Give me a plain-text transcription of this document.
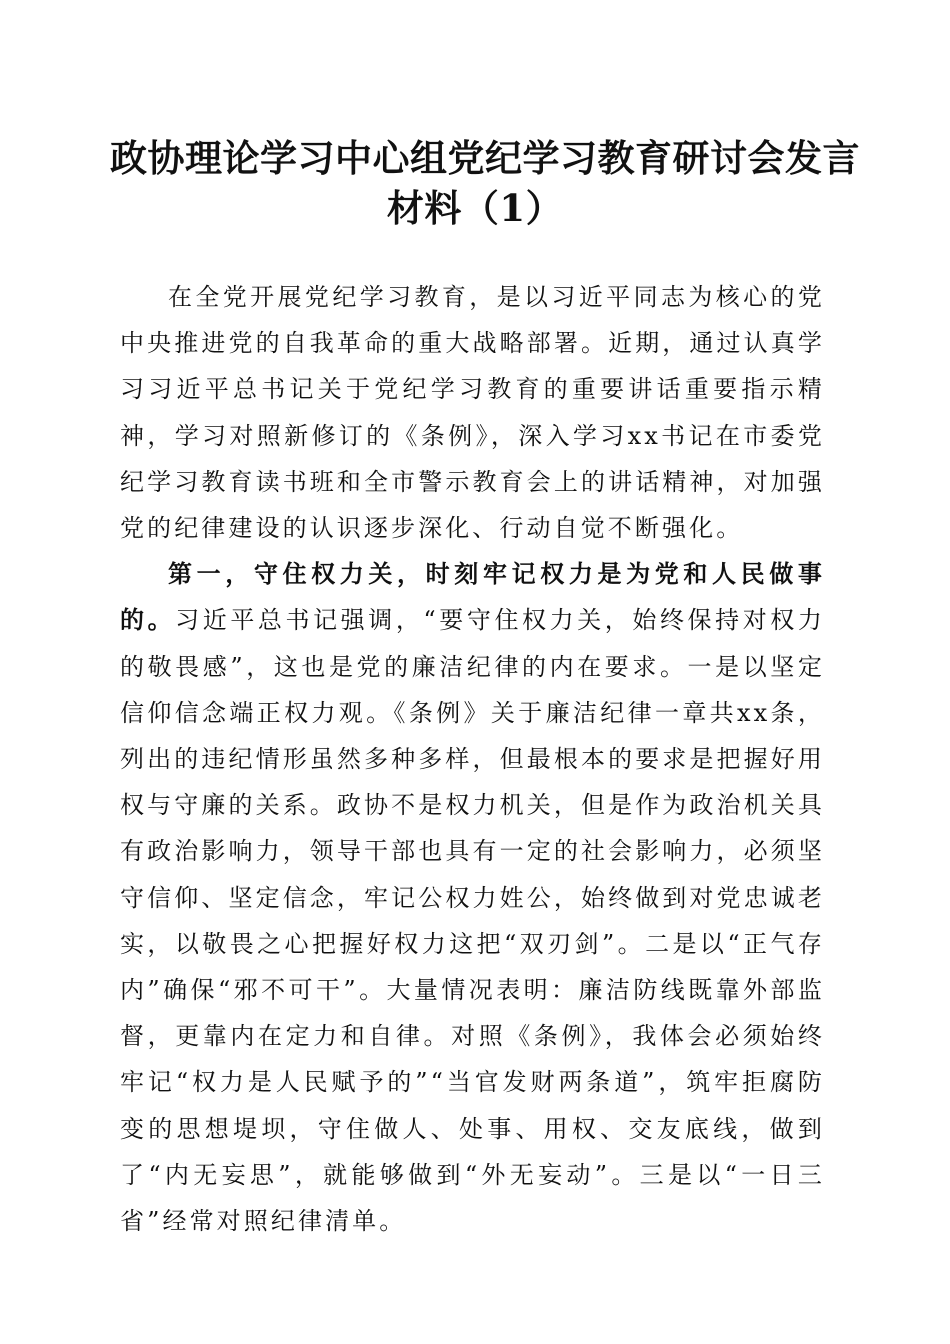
政协理论学习中心组党纪学习教育研讨会发言
材料（1）

在全党开展党纪学习教育，是以习近平同志为核心的党中央推进党的自我革命的重大战略部署。近期，通过认真学习习近平总书记关于党纪学习教育的重要讲话重要指示精神，学习对照新修订的《条例》，深入学习xx书记在市委党纪学习教育读书班和全市警示教育会上的讲话精神，对加强党的纪律建设的认识逐步深化、行动自觉不断强化。

第一，守住权力关，时刻牢记权力是为党和人民做事的。习近平总书记强调，“要守住权力关，始终保持对权力的敬畏感”，这也是党的廉洁纪律的内在要求。一是以坚定信仰信念端正权力观。《条例》关于廉洁纪律一章共xx条，列出的违纪情形虽然多种多样，但最根本的要求是把握好用权与守廉的关系。政协不是权力机关，但是作为政治机关具有政治影响力，领导干部也具有一定的社会影响力，必须坚守信仰、坚定信念，牢记公权力姓公，始终做到对党忠诚老实，以敬畏之心把握好权力这把“双刃剑”。二是以“正气存内”确保“邪不可干”。大量情况表明：廉洁防线既靠外部监督，更靠内在定力和自律。对照《条例》，我体会必须始终牢记“权力是人民赋予的”“当官发财两条道”，筑牢拒腐防变的思想堤坝，守住做人、处事、用权、交友底线，做到了“内无妄思”，就能够做到“外无妄动”。三是以“一日三省”经常对照纪律清单。
